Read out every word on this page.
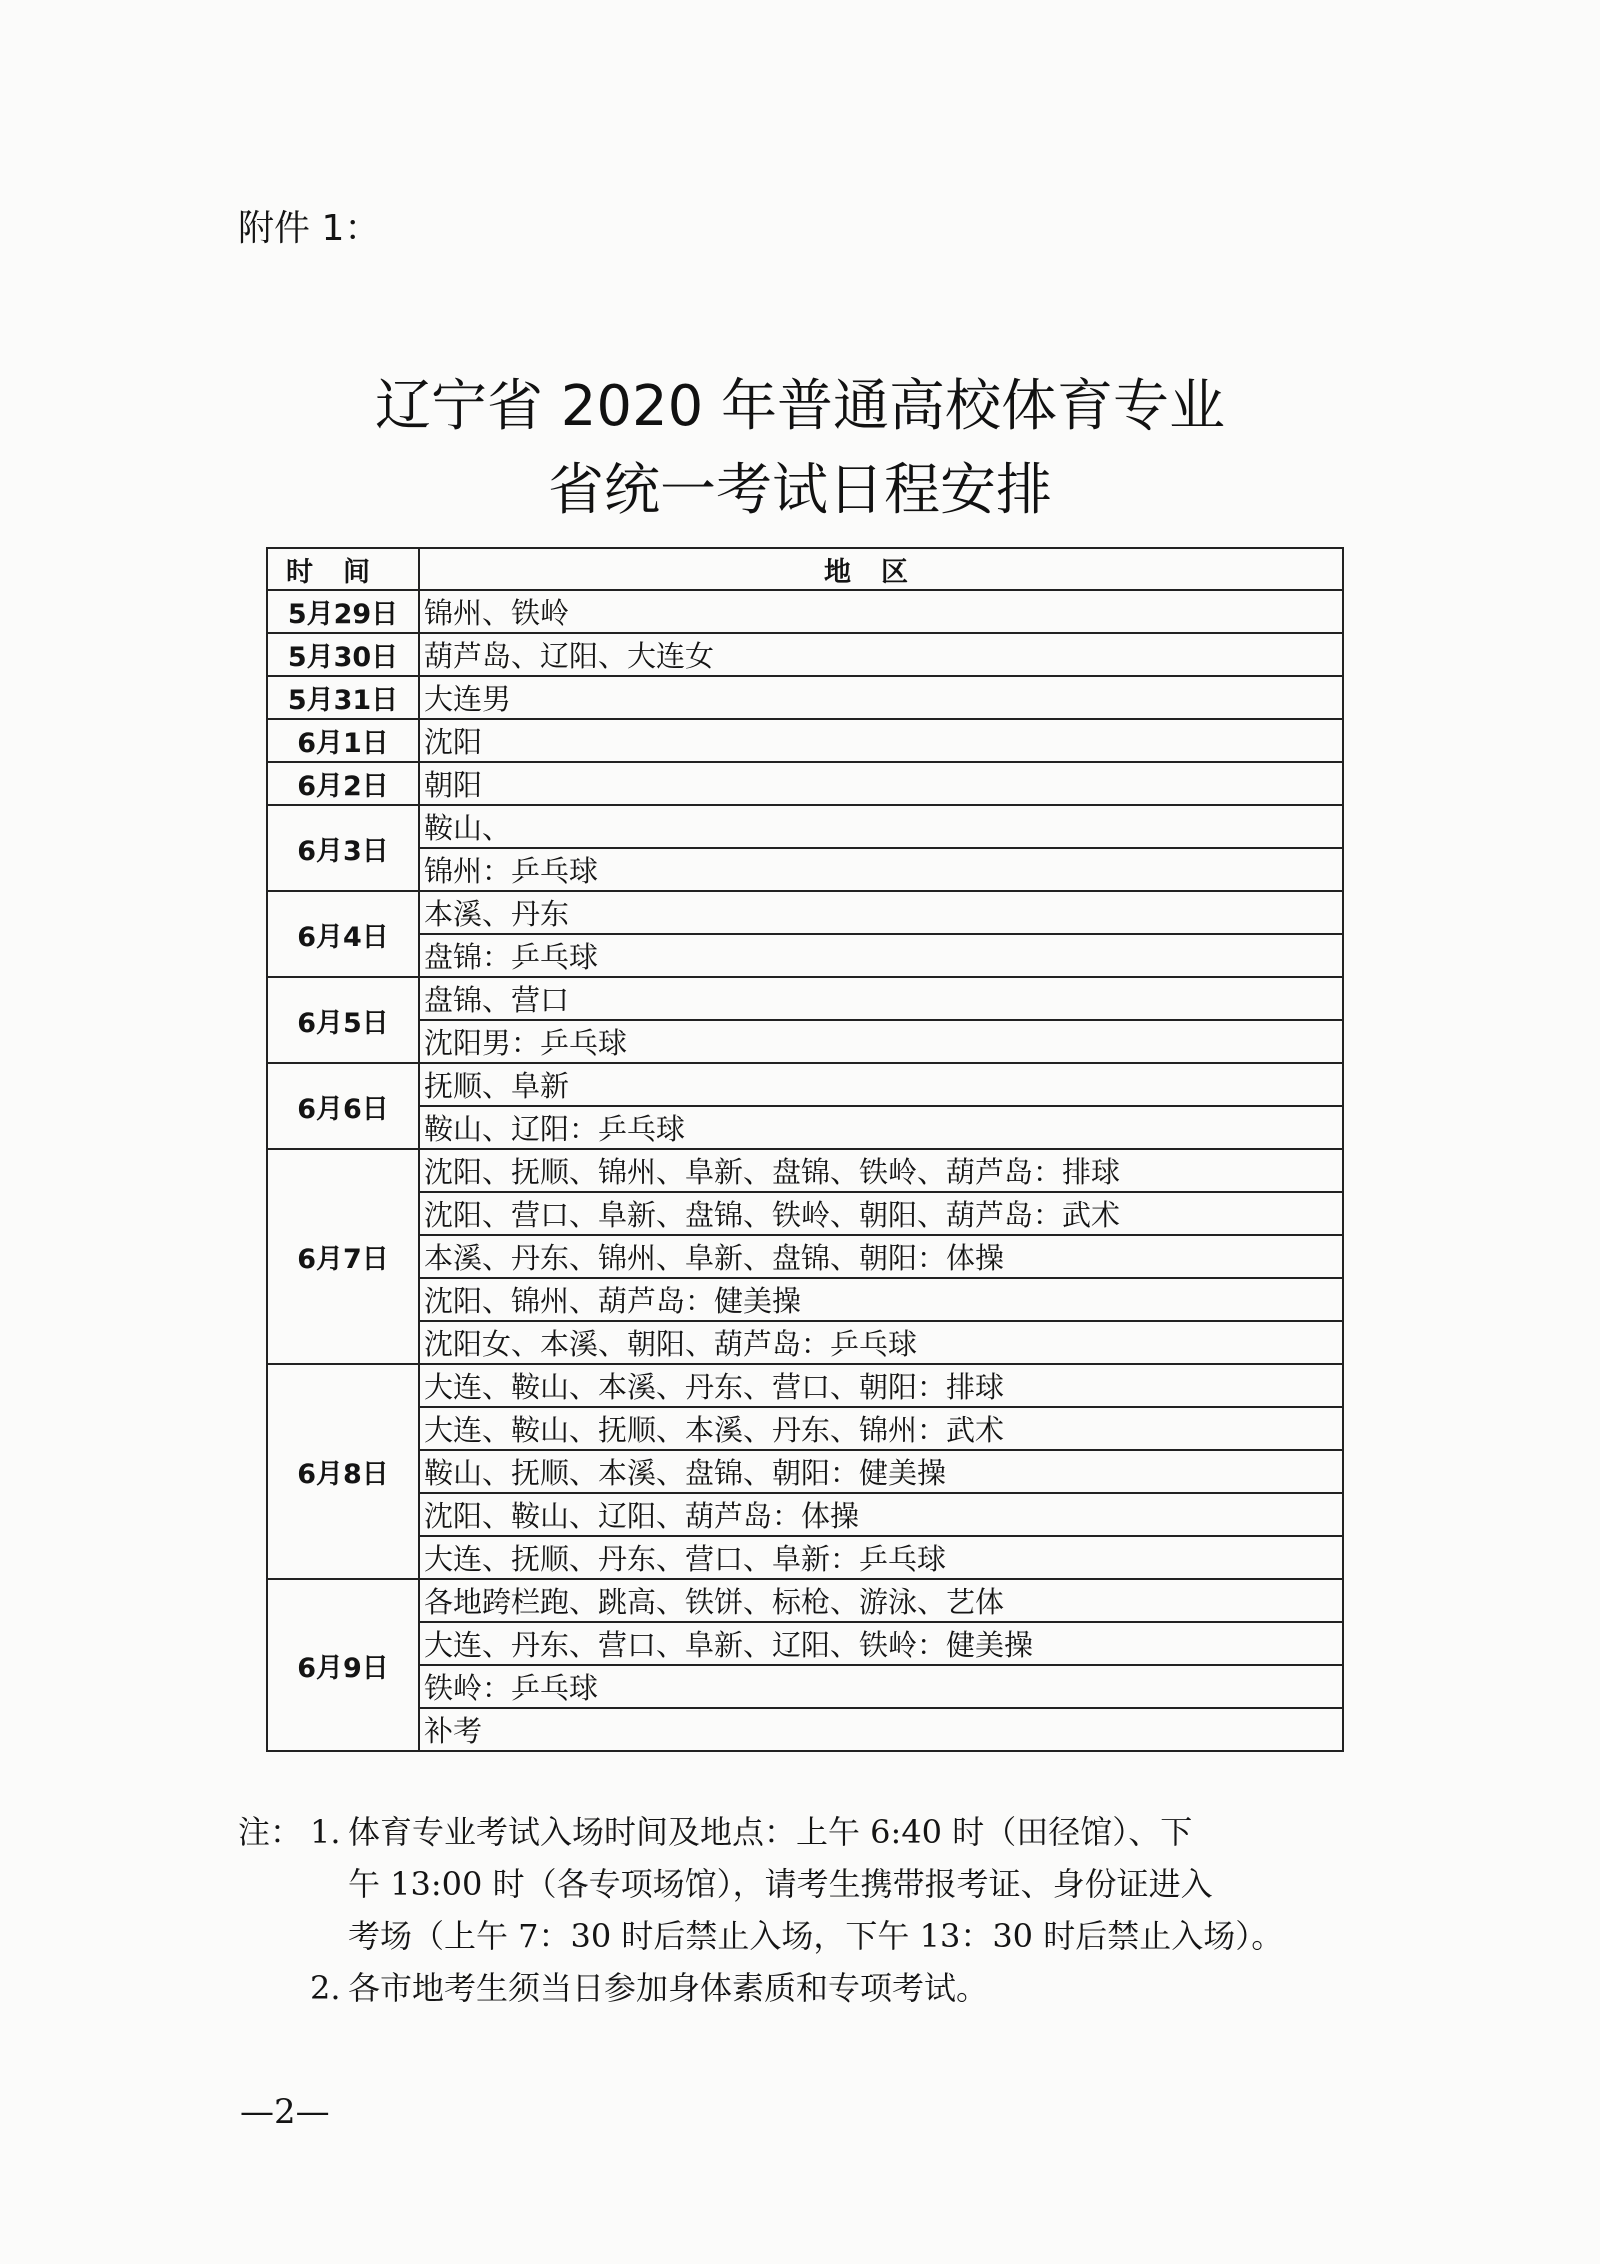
附件 1：
辽宁省 2020 年普通高校体育专业
省统一考试日程安排
时间	地区
5月29日	锦州、铁岭
5月30日	葫芦岛、辽阳、大连女
5月31日	大连男
6月1日	沈阳
6月2日	朝阳
6月3日	鞍山、
	锦州：乒乓球
6月4日	本溪、丹东
	盘锦：乒乓球
6月5日	盘锦、营口
	沈阳男：乒乓球
6月6日	抚顺、阜新
	鞍山、辽阳：乒乓球
6月7日	沈阳、抚顺、锦州、阜新、盘锦、铁岭、葫芦岛：排球
	沈阳、营口、阜新、盘锦、铁岭、朝阳、葫芦岛：武术
	本溪、丹东、锦州、阜新、盘锦、朝阳：体操
	沈阳、锦州、葫芦岛：健美操
	沈阳女、本溪、朝阳、葫芦岛：乒乓球
6月8日	大连、鞍山、本溪、丹东、营口、朝阳：排球
	大连、鞍山、抚顺、本溪、丹东、锦州：武术
	鞍山、抚顺、本溪、盘锦、朝阳：健美操
	沈阳、鞍山、辽阳、葫芦岛：体操
	大连、抚顺、丹东、营口、阜新：乒乓球
6月9日	各地跨栏跑、跳高、铁饼、标枪、游泳、艺体
	大连、丹东、营口、阜新、辽阳、铁岭：健美操
	铁岭：乒乓球
	补考
注： 1. 体育专业考试入场时间及地点：上午 6:40 时（田径馆）、下
午 13:00 时（各专项场馆），请考生携带报考证、身份证进入
考场（上午 7：30 时后禁止入场，下午 13：30 时后禁止入场）。
2. 各市地考生须当日参加身体素质和专项考试。
—2—
